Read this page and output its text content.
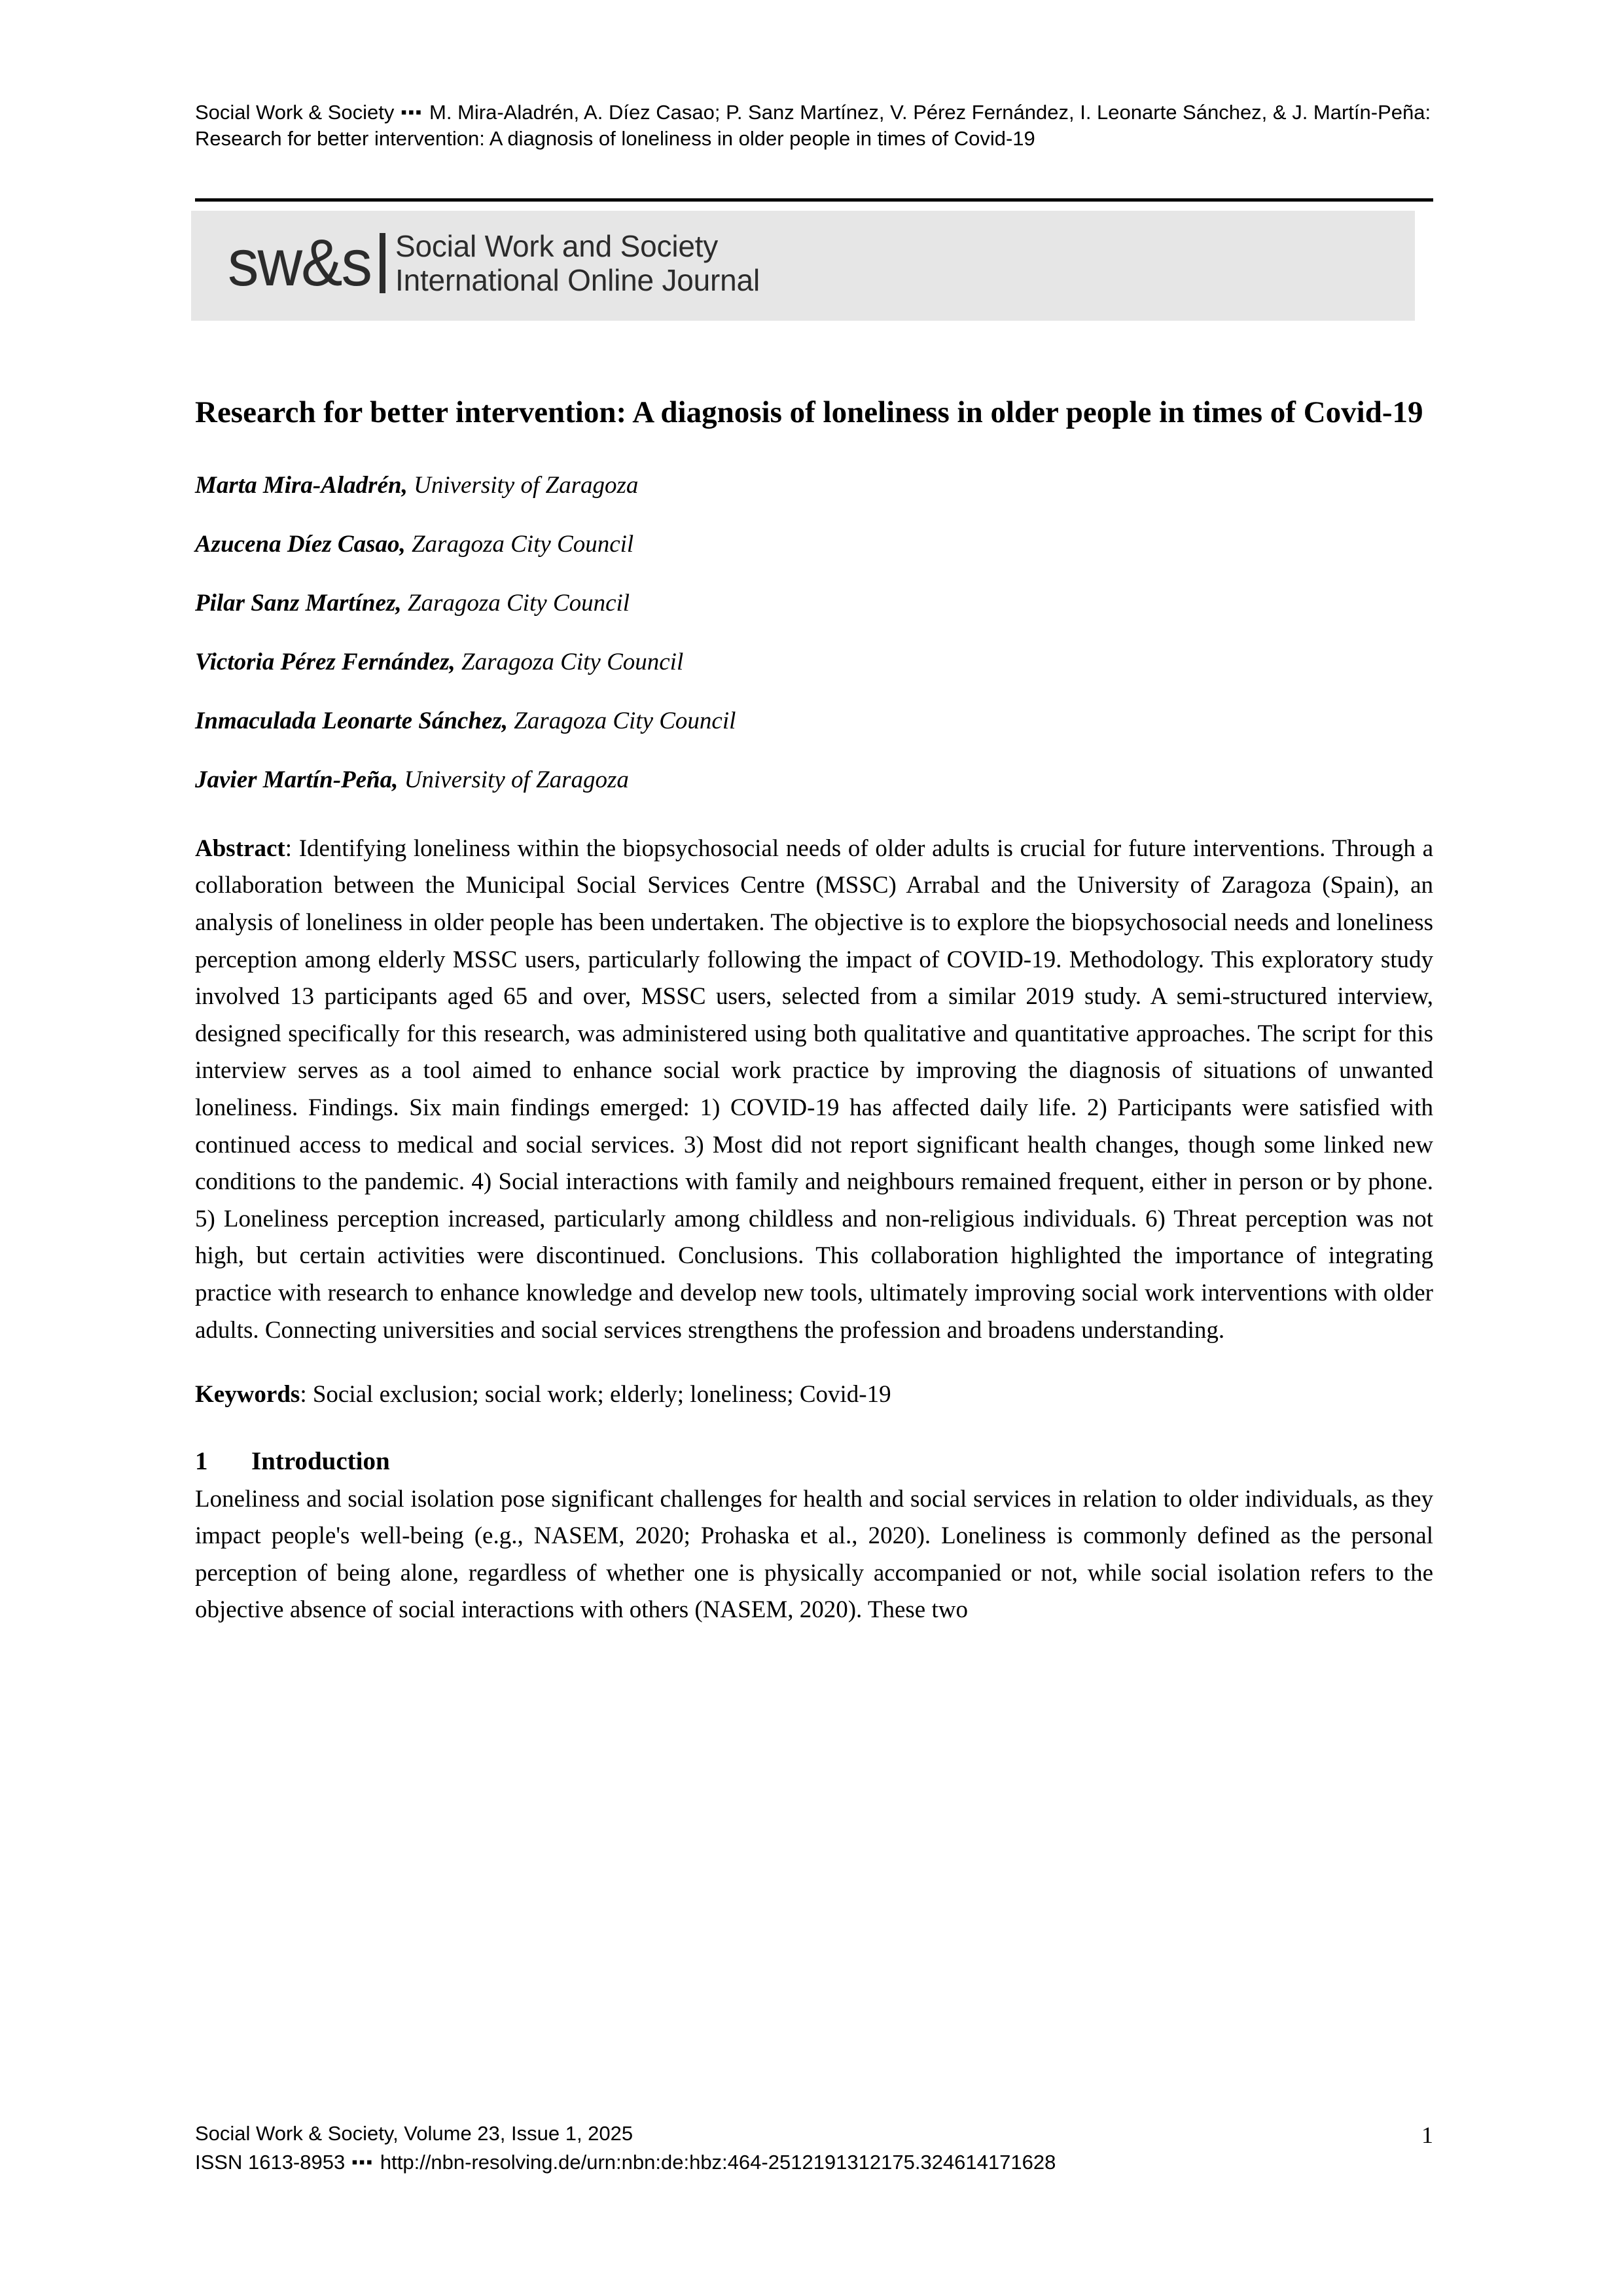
Social Work & Society ▪▪▪ M. Mira-Aladrén, A. Díez Casao; P. Sanz Martínez, V. Pérez Fernández, I. Leonarte Sánchez, & J. Martín-Peña: Research for better intervention: A diagnosis of loneliness in older people in times of Covid-19
sw&s Social Work and Society
International Online Journal
Research for better intervention: A diagnosis of loneliness in older people in times of Covid-19

Marta Mira-Aladrén, University of Zaragoza

Azucena Díez Casao, Zaragoza City Council

Pilar Sanz Martínez, Zaragoza City Council

Victoria Pérez Fernández, Zaragoza City Council

Inmaculada Leonarte Sánchez, Zaragoza City Council

Javier Martín-Peña, University of Zaragoza

Abstract: Identifying loneliness within the biopsychosocial needs of older adults is crucial for future interventions. Through a collaboration between the Municipal Social Services Centre (MSSC) Arrabal and the University of Zaragoza (Spain), an analysis of loneliness in older people has been undertaken. The objective is to explore the biopsychosocial needs and loneliness perception among elderly MSSC users, particularly following the impact of COVID-19. Methodology. This exploratory study involved 13 participants aged 65 and over, MSSC users, selected from a similar 2019 study. A semi-structured interview, designed specifically for this research, was administered using both qualitative and quantitative approaches. The script for this interview serves as a tool aimed to enhance social work practice by improving the diagnosis of situations of unwanted loneliness. Findings. Six main findings emerged: 1) COVID-19 has affected daily life. 2) Participants were satisfied with continued access to medical and social services. 3) Most did not report significant health changes, though some linked new conditions to the pandemic. 4) Social interactions with family and neighbours remained frequent, either in person or by phone. 5) Loneliness perception increased, particularly among childless and non-religious individuals. 6) Threat perception was not high, but certain activities were discontinued. Conclusions. This collaboration highlighted the importance of integrating practice with research to enhance knowledge and develop new tools, ultimately improving social work interventions with older adults. Connecting universities and social services strengthens the profession and broadens understanding.

Keywords: Social exclusion; social work; elderly; loneliness; Covid-19

1 Introduction

Loneliness and social isolation pose significant challenges for health and social services in relation to older individuals, as they impact people's well-being (e.g., NASEM, 2020; Prohaska et al., 2020). Loneliness is commonly defined as the personal perception of being alone, regardless of whether one is physically accompanied or not, while social isolation refers to the objective absence of social interactions with others (NASEM, 2020). These two

Social Work & Society, Volume 23, Issue 1, 2025
ISSN 1613-8953 ▪▪▪ http://nbn-resolving.de/urn:nbn:de:hbz:464-2512191312175.324614171628
1
